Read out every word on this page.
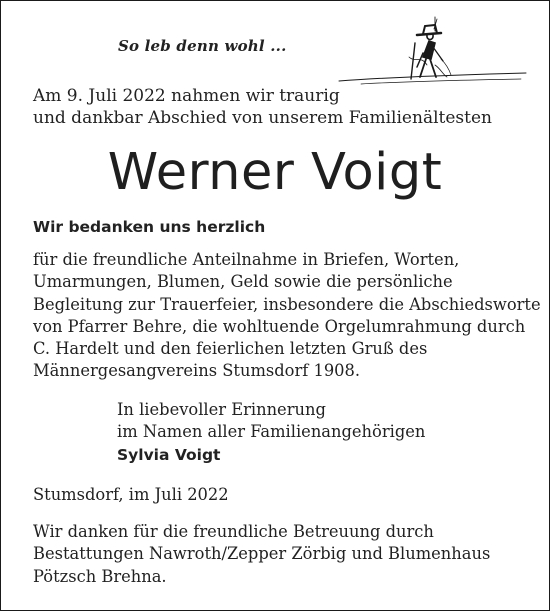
So leb denn wohl ...
Am 9. Juli 2022 nahmen wir traurig
und dankbar Abschied von unserem Familienältesten
Werner Voigt
Wir bedanken uns herzlich
für die freundliche Anteilnahme in Briefen, Worten,
Umarmungen, Blumen, Geld sowie die persönliche
Begleitung zur Trauerfeier, insbesondere die Abschiedsworte
von Pfarrer Behre, die wohltuende Orgelumrahmung durch
C. Hardelt und den feierlichen letzten Gruß des
Männergesangvereins Stumsdorf 1908.
In liebevoller Erinnerung
im Namen aller Familienangehörigen
Sylvia Voigt
Stumsdorf, im Juli 2022
Wir danken für die freundliche Betreuung durch
Bestattungen Nawroth/Zepper Zörbig und Blumenhaus
Pötzsch Brehna.
